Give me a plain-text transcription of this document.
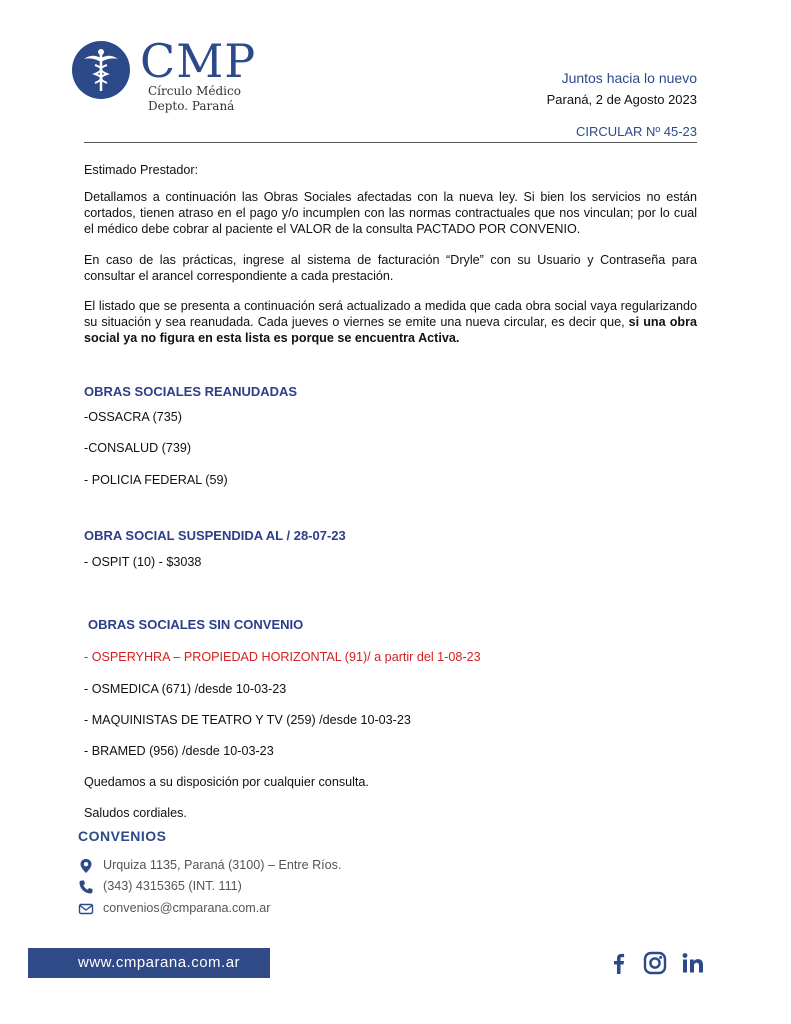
CMP
Círculo Médico
Depto. Paraná
Juntos hacia lo nuevo
Paraná, 2 de Agosto 2023
CIRCULAR Nº 45-23
Estimado Prestador:
Detallamos a continuación las Obras Sociales afectadas con la nueva ley. Si bien los servicios no están cortados, tienen atraso en el pago y/o incumplen con las normas contractuales que nos vinculan; por lo cual el médico debe cobrar al paciente el VALOR de la consulta PACTADO POR CONVENIO.
En caso de las prácticas, ingrese al sistema de facturación “Dryle” con su Usuario y Contraseña para consultar el arancel correspondiente a cada prestación.
El listado que se presenta a continuación será actualizado a medida que cada obra social vaya regularizando su situación y sea reanudada. Cada jueves o viernes se emite una nueva circular, es decir que, si una obra social ya no figura en esta lista es porque se encuentra Activa.
OBRAS SOCIALES REANUDADAS
-OSSACRA (735)
-CONSALUD (739)
- POLICIA FEDERAL (59)
OBRA SOCIAL SUSPENDIDA AL / 28-07-23
- OSPIT (10) - $3038
OBRAS SOCIALES SIN CONVENIO
- OSPERYHRA – PROPIEDAD HORIZONTAL (91)/ a partir del 1-08-23
- OSMEDICA (671) /desde 10-03-23
- MAQUINISTAS DE TEATRO Y TV (259) /desde 10-03-23
- BRAMED (956) /desde 10-03-23
Quedamos a su disposición por cualquier consulta.
Saludos cordiales.
CONVENIOS
Urquiza 1135, Paraná (3100) – Entre Ríos.
(343) 4315365 (INT. 111)
convenios@cmparana.com.ar
www.cmparana.com.ar
